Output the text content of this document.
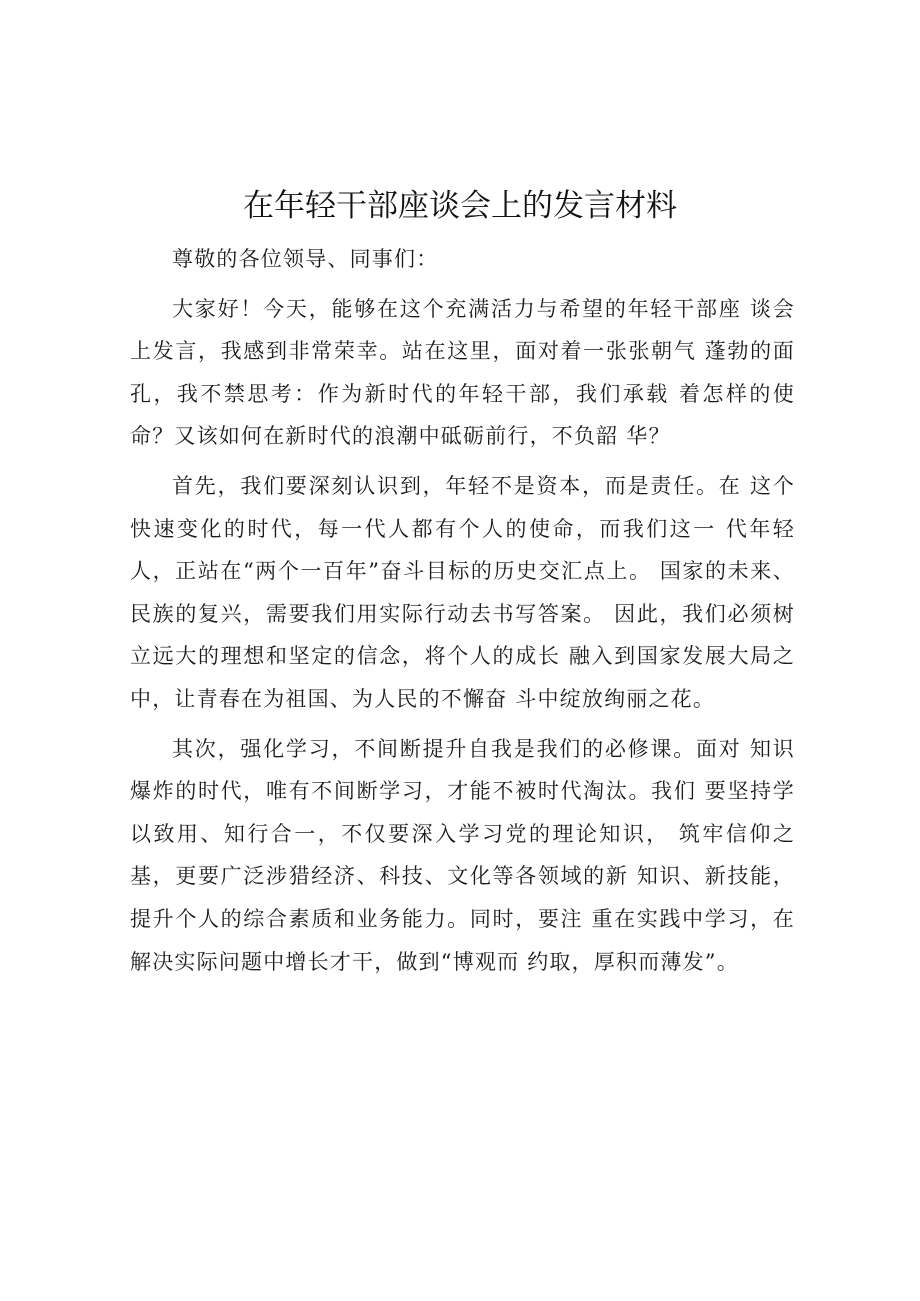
在年轻干部座谈会上的发言材料

尊敬的各位领导、同事们：

大家好！今天，能够在这个充满活力与希望的年轻干部座 谈会上发言，我感到非常荣幸。站在这里，面对着一张张朝气 蓬勃的面孔，我不禁思考：作为新时代的年轻干部，我们承载 着怎样的使命？又该如何在新时代的浪潮中砥砺前行，不负韶 华？

首先，我们要深刻认识到，年轻不是资本，而是责任。在 这个快速变化的时代，每一代人都有个人的使命，而我们这一 代年轻人，正站在“两个一百年”奋斗目标的历史交汇点上。 国家的未来、民族的复兴，需要我们用实际行动去书写答案。 因此，我们必须树立远大的理想和坚定的信念，将个人的成长 融入到国家发展大局之中，让青春在为祖国、为人民的不懈奋 斗中绽放绚丽之花。

其次，强化学习，不间断提升自我是我们的必修课。面对 知识爆炸的时代，唯有不间断学习，才能不被时代淘汰。我们 要坚持学以致用、知行合一，不仅要深入学习党的理论知识， 筑牢信仰之基，更要广泛涉猎经济、科技、文化等各领域的新 知识、新技能，提升个人的综合素质和业务能力。同时，要注 重在实践中学习，在解决实际问题中增长才干，做到“博观而 约取，厚积而薄发”。
